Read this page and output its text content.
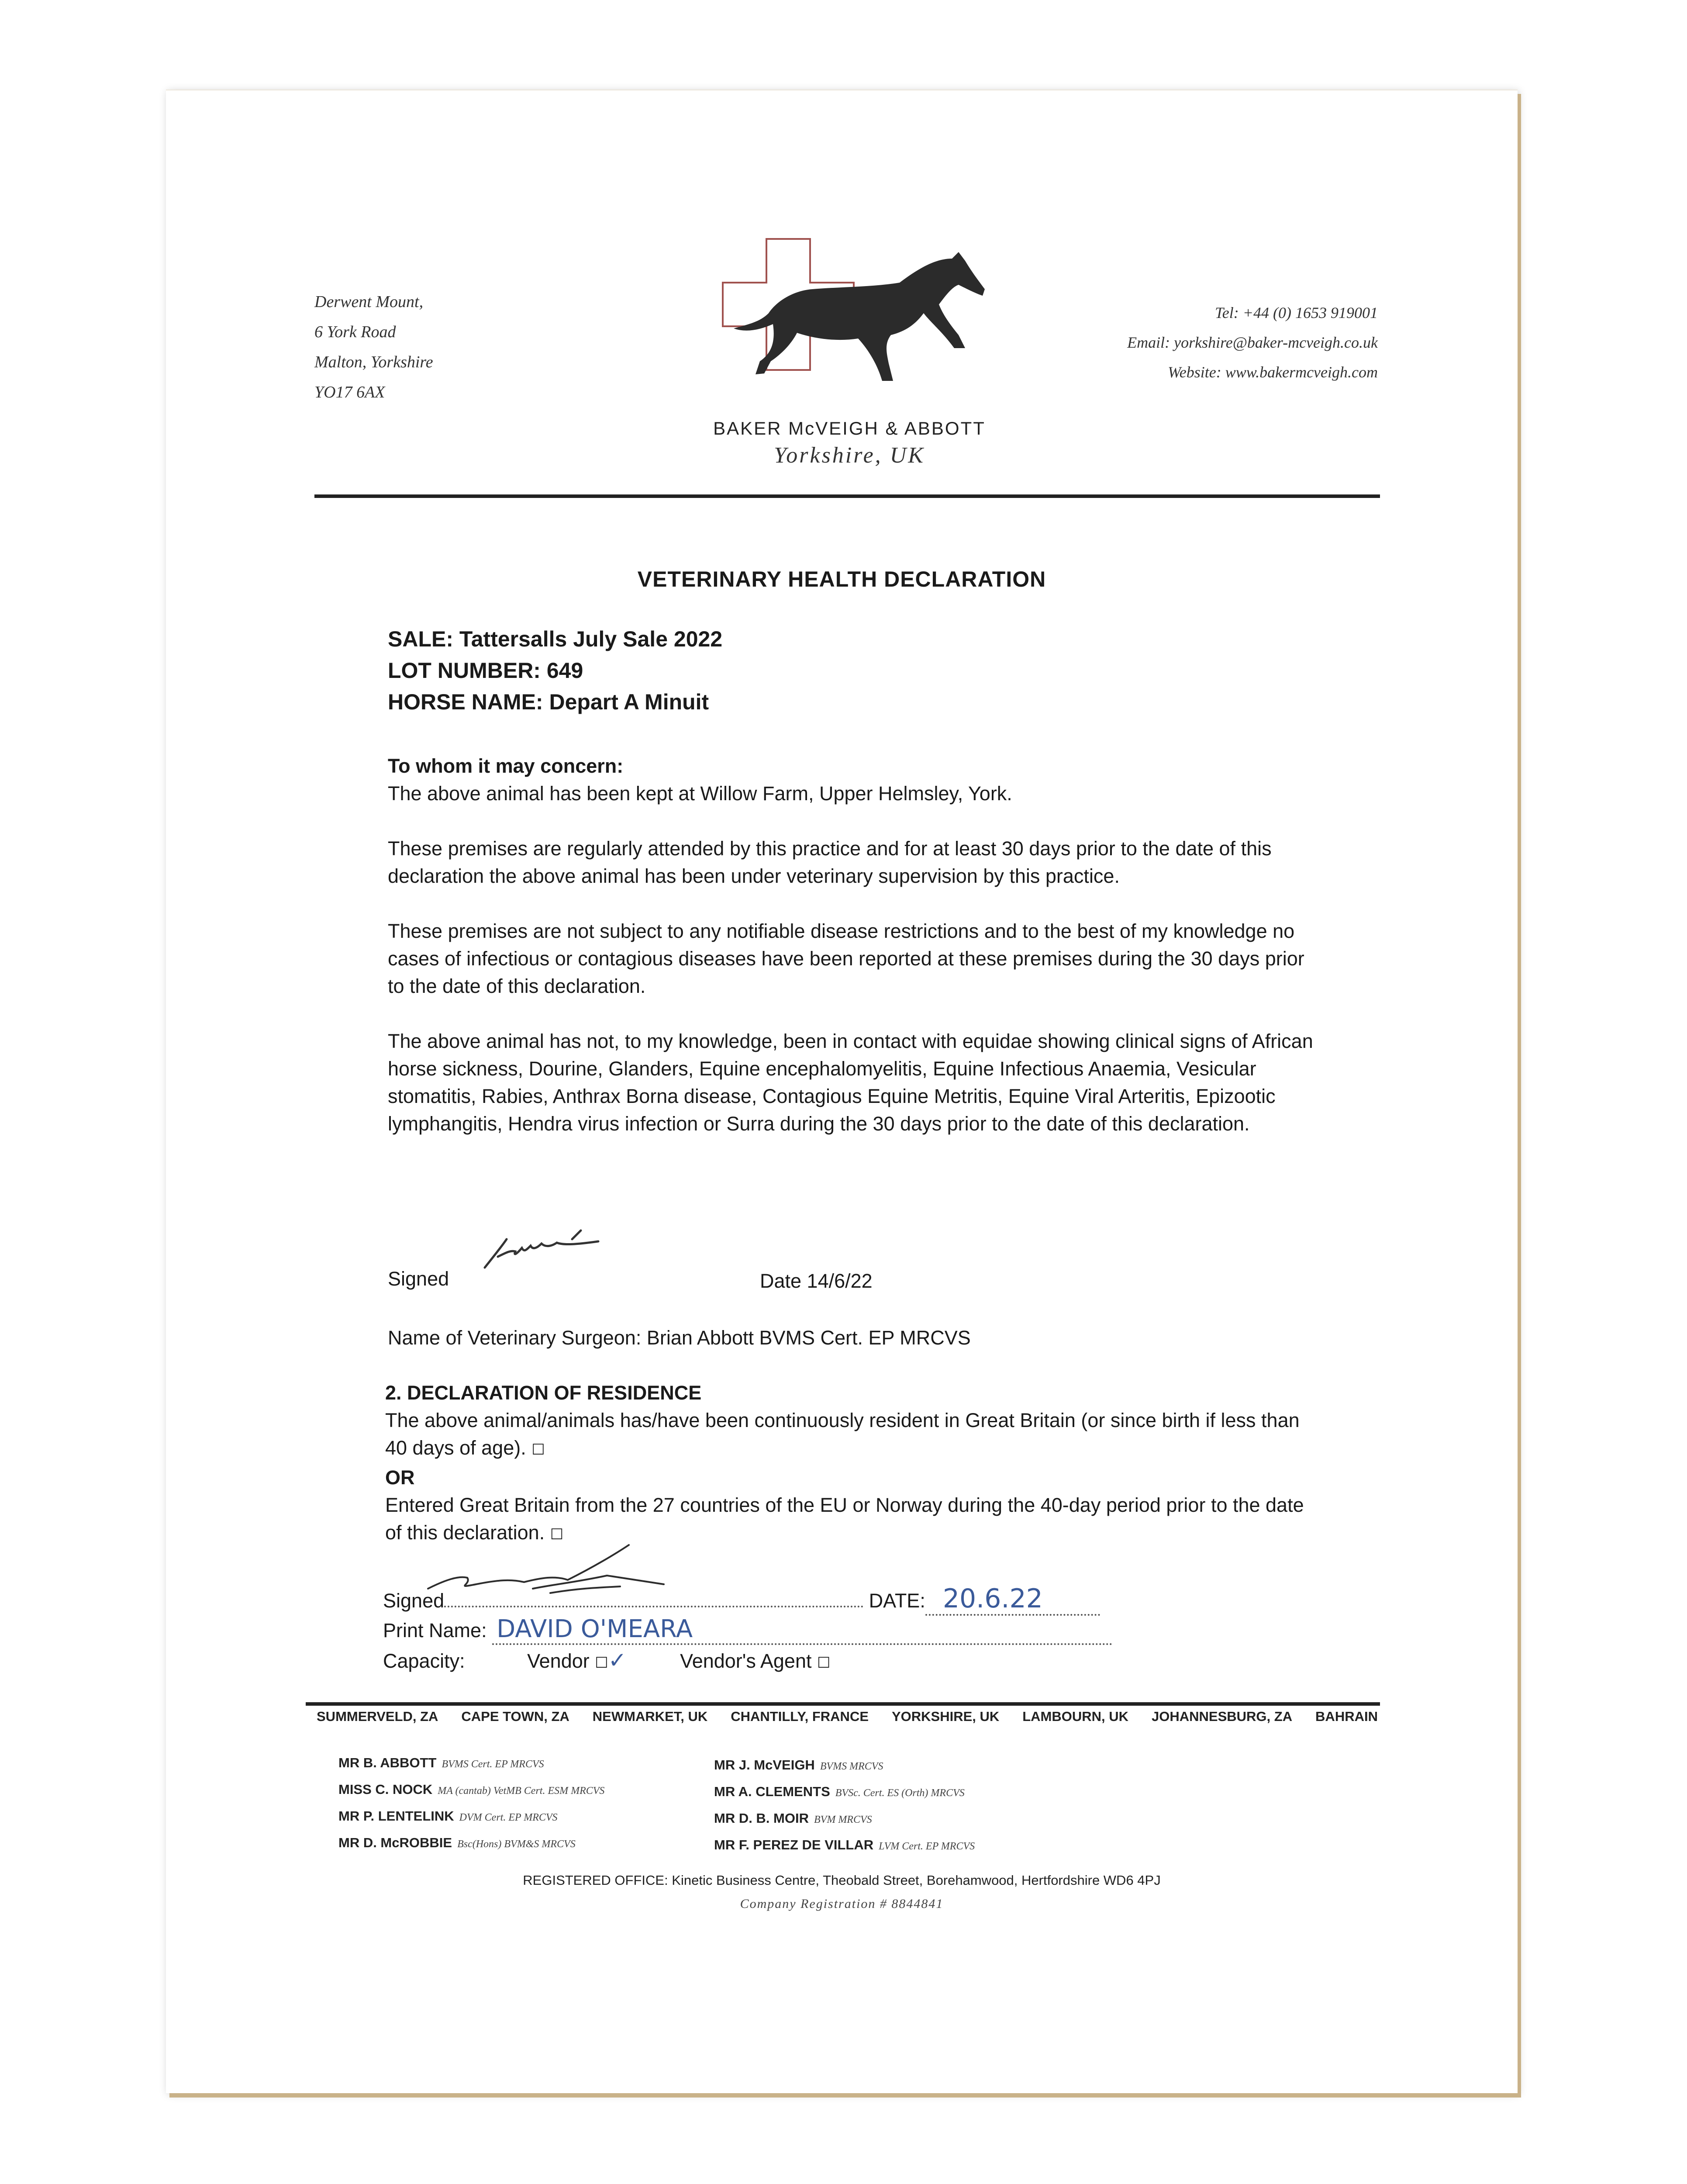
Derwent Mount,
6 York Road
Malton, Yorkshire
YO17 6AX
BAKER McVEIGH & ABBOTT
Yorkshire, UK
Tel: +44 (0) 1653 919001
Email: yorkshire@baker-mcveigh.co.uk
Website: www.bakermcveigh.com
VETERINARY HEALTH DECLARATION
SALE: Tattersalls July Sale 2022
LOT NUMBER: 649
HORSE NAME: Depart A Minuit
To whom it may concern:
The above animal has been kept at Willow Farm, Upper Helmsley, York.
These premises are regularly attended by this practice and for at least 30 days prior to the date of this declaration the above animal has been under veterinary supervision by this practice.
These premises are not subject to any notifiable disease restrictions and to the best of my knowledge no cases of infectious or contagious diseases have been reported at these premises during the 30 days prior to the date of this declaration.
The above animal has not, to my knowledge, been in contact with equidae showing clinical signs of African horse sickness, Dourine, Glanders, Equine encephalomyelitis, Equine Infectious Anaemia, Vesicular stomatitis, Rabies, Anthrax Borna disease, Contagious Equine Metritis, Equine Viral Arteritis, Epizootic lymphangitis, Hendra virus infection or Surra during the 30 days prior to the date of this declaration.
Signed	Date 14/6/22
Name of Veterinary Surgeon: Brian Abbott BVMS Cert. EP MRCVS
2. DECLARATION OF RESIDENCE
The above animal/animals has/have been continuously resident in Great Britain (or since birth if less than 40 days of age). ☐
OR
Entered Great Britain from the 27 countries of the EU or Norway during the 40-day period prior to the date of this declaration. ☐
Signed	DATE: 20.6.22
Print Name: DAVID O'MEARA
Capacity:	Vendor ☐✓	Vendor's Agent ☐
SUMMERVELD, ZA CAPE TOWN, ZA NEWMARKET, UK CHANTILLY, FRANCE YORKSHIRE, UK LAMBOURN, UK JOHANNESBURG, ZA BAHRAIN
MR B. ABBOTT BVMS Cert. EP MRCVS
MISS C. NOCK MA (cantab) VetMB Cert. ESM MRCVS
MR P. LENTELINK DVM Cert. EP MRCVS
MR D. McROBBIE Bsc(Hons) BVM&S MRCVS
MR J. McVEIGH BVMS MRCVS
MR A. CLEMENTS BVSc. Cert. ES (Orth) MRCVS
MR D. B. MOIR BVM MRCVS
MR F. PEREZ DE VILLAR LVM Cert. EP MRCVS
REGISTERED OFFICE: Kinetic Business Centre, Theobald Street, Borehamwood, Hertfordshire WD6 4PJ
Company Registration # 8844841
